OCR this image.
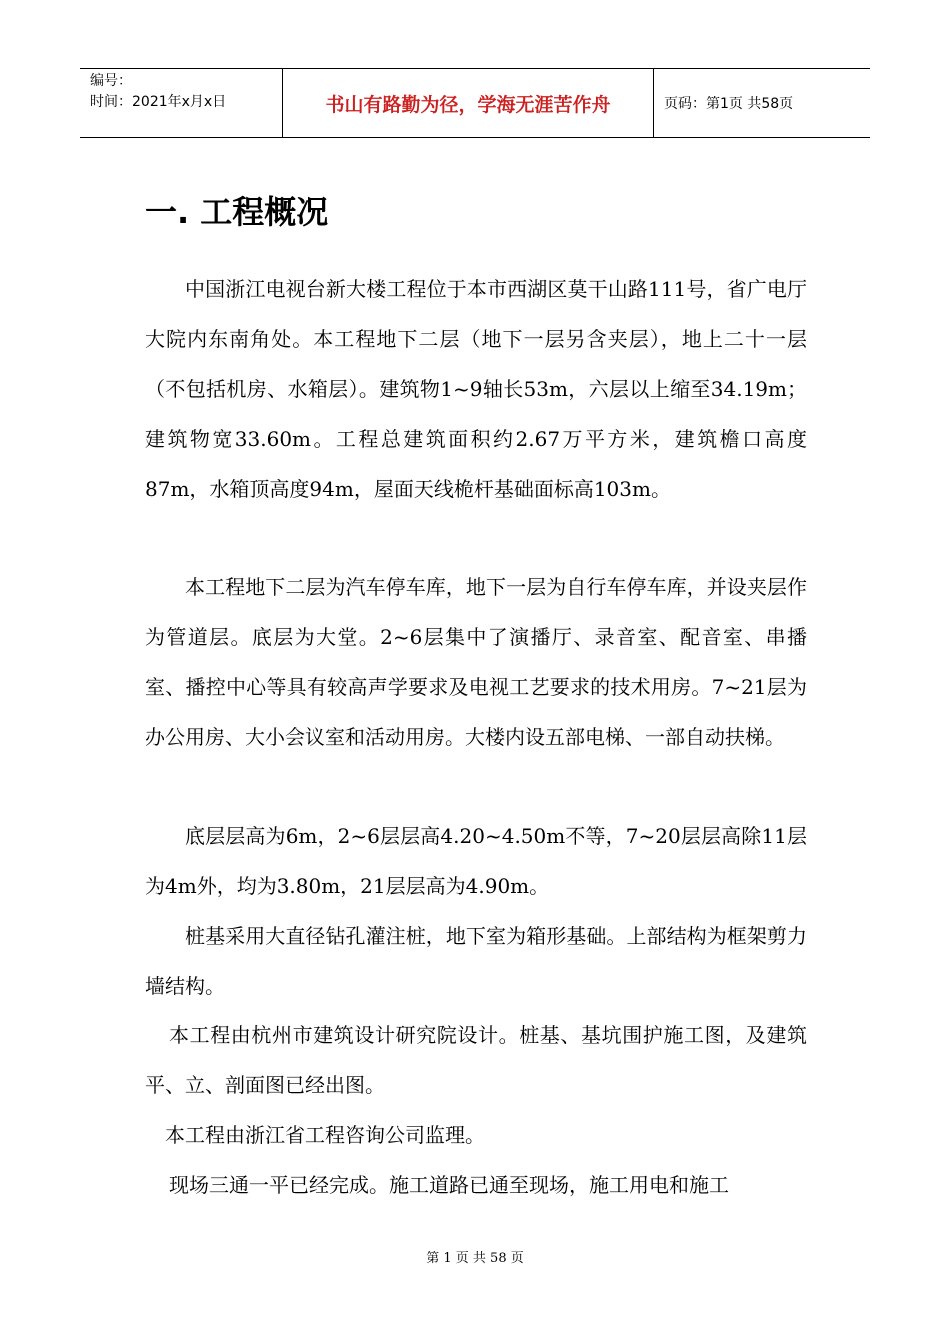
编号：
时间：2021年x月x日	书山有路勤为径，学海无涯苦作舟	页码：第1页 共58页
一. 工程概况

中国浙江电视台新大楼工程位于本市西湖区莫干山路111号，省广电厅大院内东南角处。本工程地下二层（地下一层另含夹层），地上二十一层（不包括机房、水箱层）。建筑物1~9轴长53m，六层以上缩至34.19m；建筑物宽33.60m。工程总建筑面积约2.67万平方米，建筑檐口高度87m，水箱顶高度94m，屋面天线桅杆基础面标高103m。

本工程地下二层为汽车停车库，地下一层为自行车停车库，并设夹层作为管道层。底层为大堂。2~6层集中了演播厅、录音室、配音室、串播室、播控中心等具有较高声学要求及电视工艺要求的技术用房。7~21层为办公用房、大小会议室和活动用房。大楼内设五部电梯、一部自动扶梯。

底层层高为6m，2~6层层高4.20~4.50m不等，7~20层层高除11层为4m外，均为3.80m，21层层高为4.90m。

桩基采用大直径钻孔灌注桩，地下室为箱形基础。上部结构为框架剪力墙结构。

本工程由杭州市建筑设计研究院设计。桩基、基坑围护施工图，及建筑平、立、剖面图已经出图。

本工程由浙江省工程咨询公司监理。

现场三通一平已经完成。施工道路已通至现场，施工用电和施工

第 1 页 共 58 页
